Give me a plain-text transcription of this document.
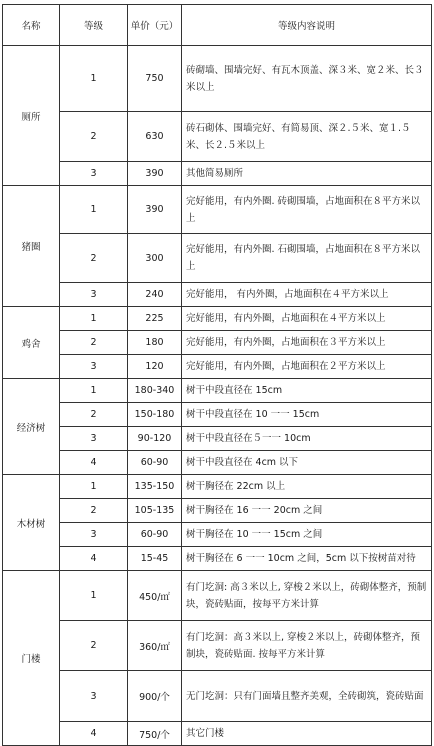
名称	等级	单价（元）	等级内容说明
厕所	1	750	砖砌墙、围墙完好、有瓦木顶盖、深３米、宽２米、长３ 米以上
	2	630	砖石砌体、围墙完好、有简易顶、深２.５米、宽１.５米、长２.５米以上
	3	390	其他简易厕所
猪圈	1	390	完好能用，有内外圈. 砖砌围墙，占地面积在８平方米以上
	2	300	完好能用，有内外圈. 石砌围墙，占地面积在８平方米以上
	3	240	完好能用， 有内外圈，占地面积在４平方米以上
鸡舍	1	225	完好能用，有内外圈，占地面积在４平方米以上
	2	180	完好能用，有内外圈，占地面积在３平方米以上
	3	120	完好能用，有内外圈，占地面积在２平方米以上
经济树	1	180-340	树干中段直径在 15cm
	2	150-180	树干中段直径在 10 一一 15cm
	3	90-120	树干中段直径在５一一 10cm
	4	60-90	树干中段直径在 4cm 以下
木材树	1	135-150	树干胸径在 22cm 以上
	2	105-135	树干胸径在 16 一一 20cm 之间
	3	60-90	树干胸径在 10 一一 15cm 之间
	4	15-45	树干胸径在 6 一一 10cm 之间，5cm 以下按树苗对待
门楼	1	450/㎡	有门圪洞: 高３米以上, 穿梭２米以上，砖砌体整齐，预制块，瓷砖贴面，按每平方米计算
	2	360/㎡	有门圪洞：高３米以上, 穿梭２米以上，砖砌体整齐，预制块，瓷砖贴面. 按每平方米计算
	3	900/个	无门圪洞：只有门面墙且整齐美观，全砖砌筑，瓷砖贴面
	4	750/个	其它门楼
